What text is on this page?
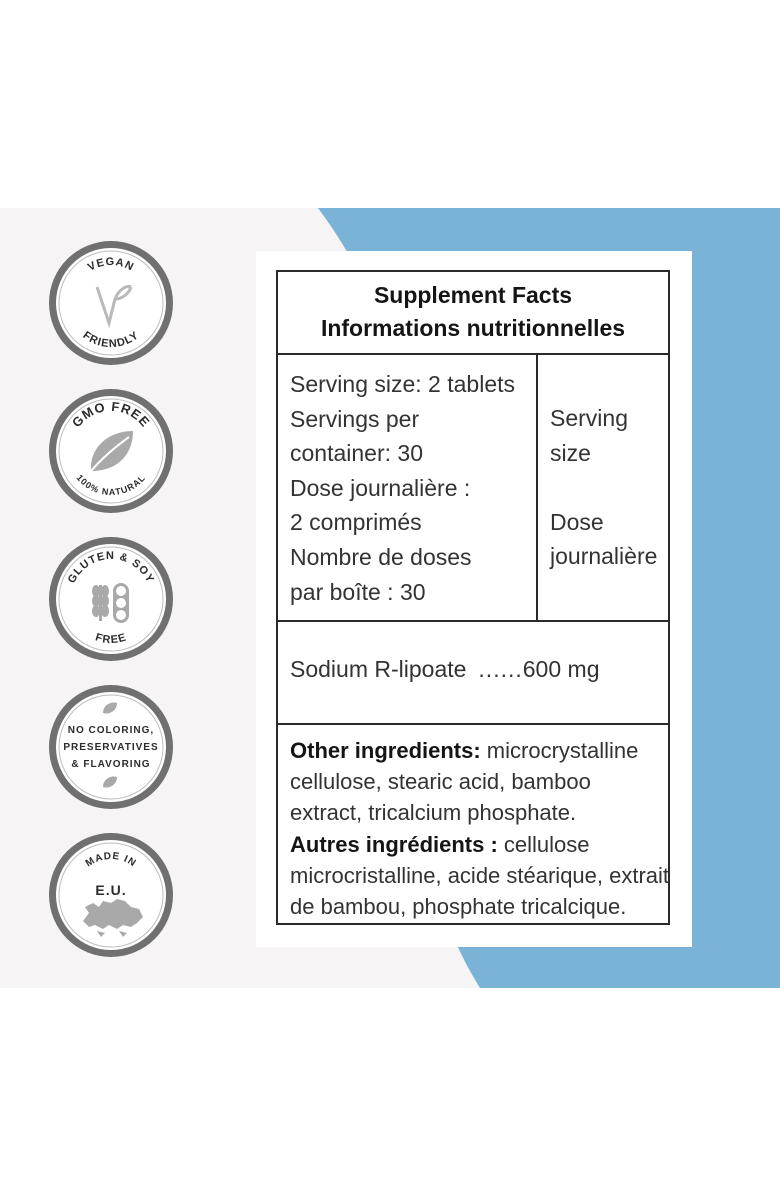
VEGAN
FRIENDLY
GMO FREE
100% NATURAL
GLUTEN & SOY
FREE
NO COLORING,
PRESERVATIVES
& FLAVORING
MADE IN
E.U.
Supplement Facts
Informations nutritionnelles
Serving size: 2 tablets
Servings per
container: 30
Dose journalière :
2 comprimés
Nombre de doses
par boîte : 30
Serving
size
Dose
journalière
Sodium R-lipoate ......600 mg
Other ingredients: microcrystalline
cellulose, stearic acid, bamboo
extract, tricalcium phosphate.
Autres ingrédients : cellulose
microcristalline, acide stéarique, extrait
de bambou, phosphate tricalcique.
